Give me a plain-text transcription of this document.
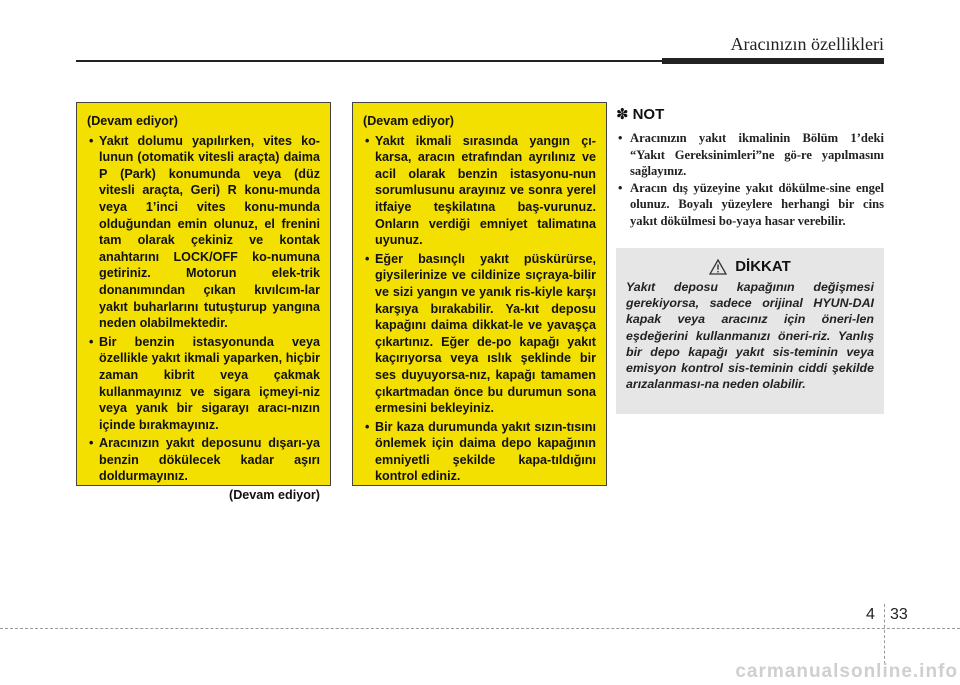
Aracınızın özellikleri
(Devam ediyor)
• Yakıt dolumu yapılırken, vites ko-lunun (otomatik vitesli araçta) daima P (Park) konumunda veya (düz vitesli araçta, Geri) R konu-munda veya 1’inci vites konu-munda olduğundan emin olunuz, el frenini tam olarak çekiniz ve kontak anahtarını LOCK/OFF ko-numuna getiriniz. Motorun elek-trik donanımından çıkan kıvılcım-lar yakıt buharlarını tutuşturup yangına neden olabilmektedir.
• Bir benzin istasyonunda veya özellikle yakıt ikmali yaparken, hiçbir zaman kibrit veya çakmak kullanmayınız ve sigara içmeyi-niz veya yanık bir sigarayı aracı-nızın içinde bırakmayınız.
• Aracınızın yakıt deposunu dışarı-ya benzin dökülecek kadar aşırı doldurmayınız.
(Devam ediyor)
(Devam ediyor)
• Yakıt ikmali sırasında yangın çı-karsa, aracın etrafından ayrılınız ve acil olarak benzin istasyonu-nun sorumlusunu arayınız ve sonra yerel itfaiye teşkilatına baş-vurunuz. Onların verdiği emniyet talimatına uyunuz.
• Eğer basınçlı yakıt püskürürse, giysilerinize ve cildinize sıçraya-bilir ve sizi yangın ve yanık ris-kiyle karşı karşıya bırakabilir. Ya-kıt deposu kapağını daima dikkat-le ve yavaşça çıkartınız. Eğer de-po kapağı yakıt kaçırıyorsa veya ıslık şeklinde bir ses duyuyorsa-nız, kapağı tamamen çıkartmadan önce bu durumun sona ermesini bekleyiniz.
• Bir kaza durumunda yakıt sızın-tısını önlemek için daima depo kapağının emniyetli şekilde kapa-tıldığını kontrol ediniz.
✽ NOT
• Aracınızın yakıt ikmalinin Bölüm 1’deki “Yakıt Gereksinimleri”ne gö-re yapılmasını sağlayınız.
• Aracın dış yüzeyine yakıt dökülme-sine engel olunuz. Boyalı yüzeylere herhangi bir cins yakıt dökülmesi bo-yaya hasar verebilir.
DİKKAT
Yakıt deposu kapağının değişmesi gerekiyorsa, sadece orijinal HYUN-DAI kapak veya aracınız için öneri-len eşdeğerini kullanmanızı öneri-riz. Yanlış bir depo kapağı yakıt sis-teminin veya emisyon kontrol sis-teminin ciddi şekilde arızalanması-na neden olabilir.
4 33
carmanualsonline.info
